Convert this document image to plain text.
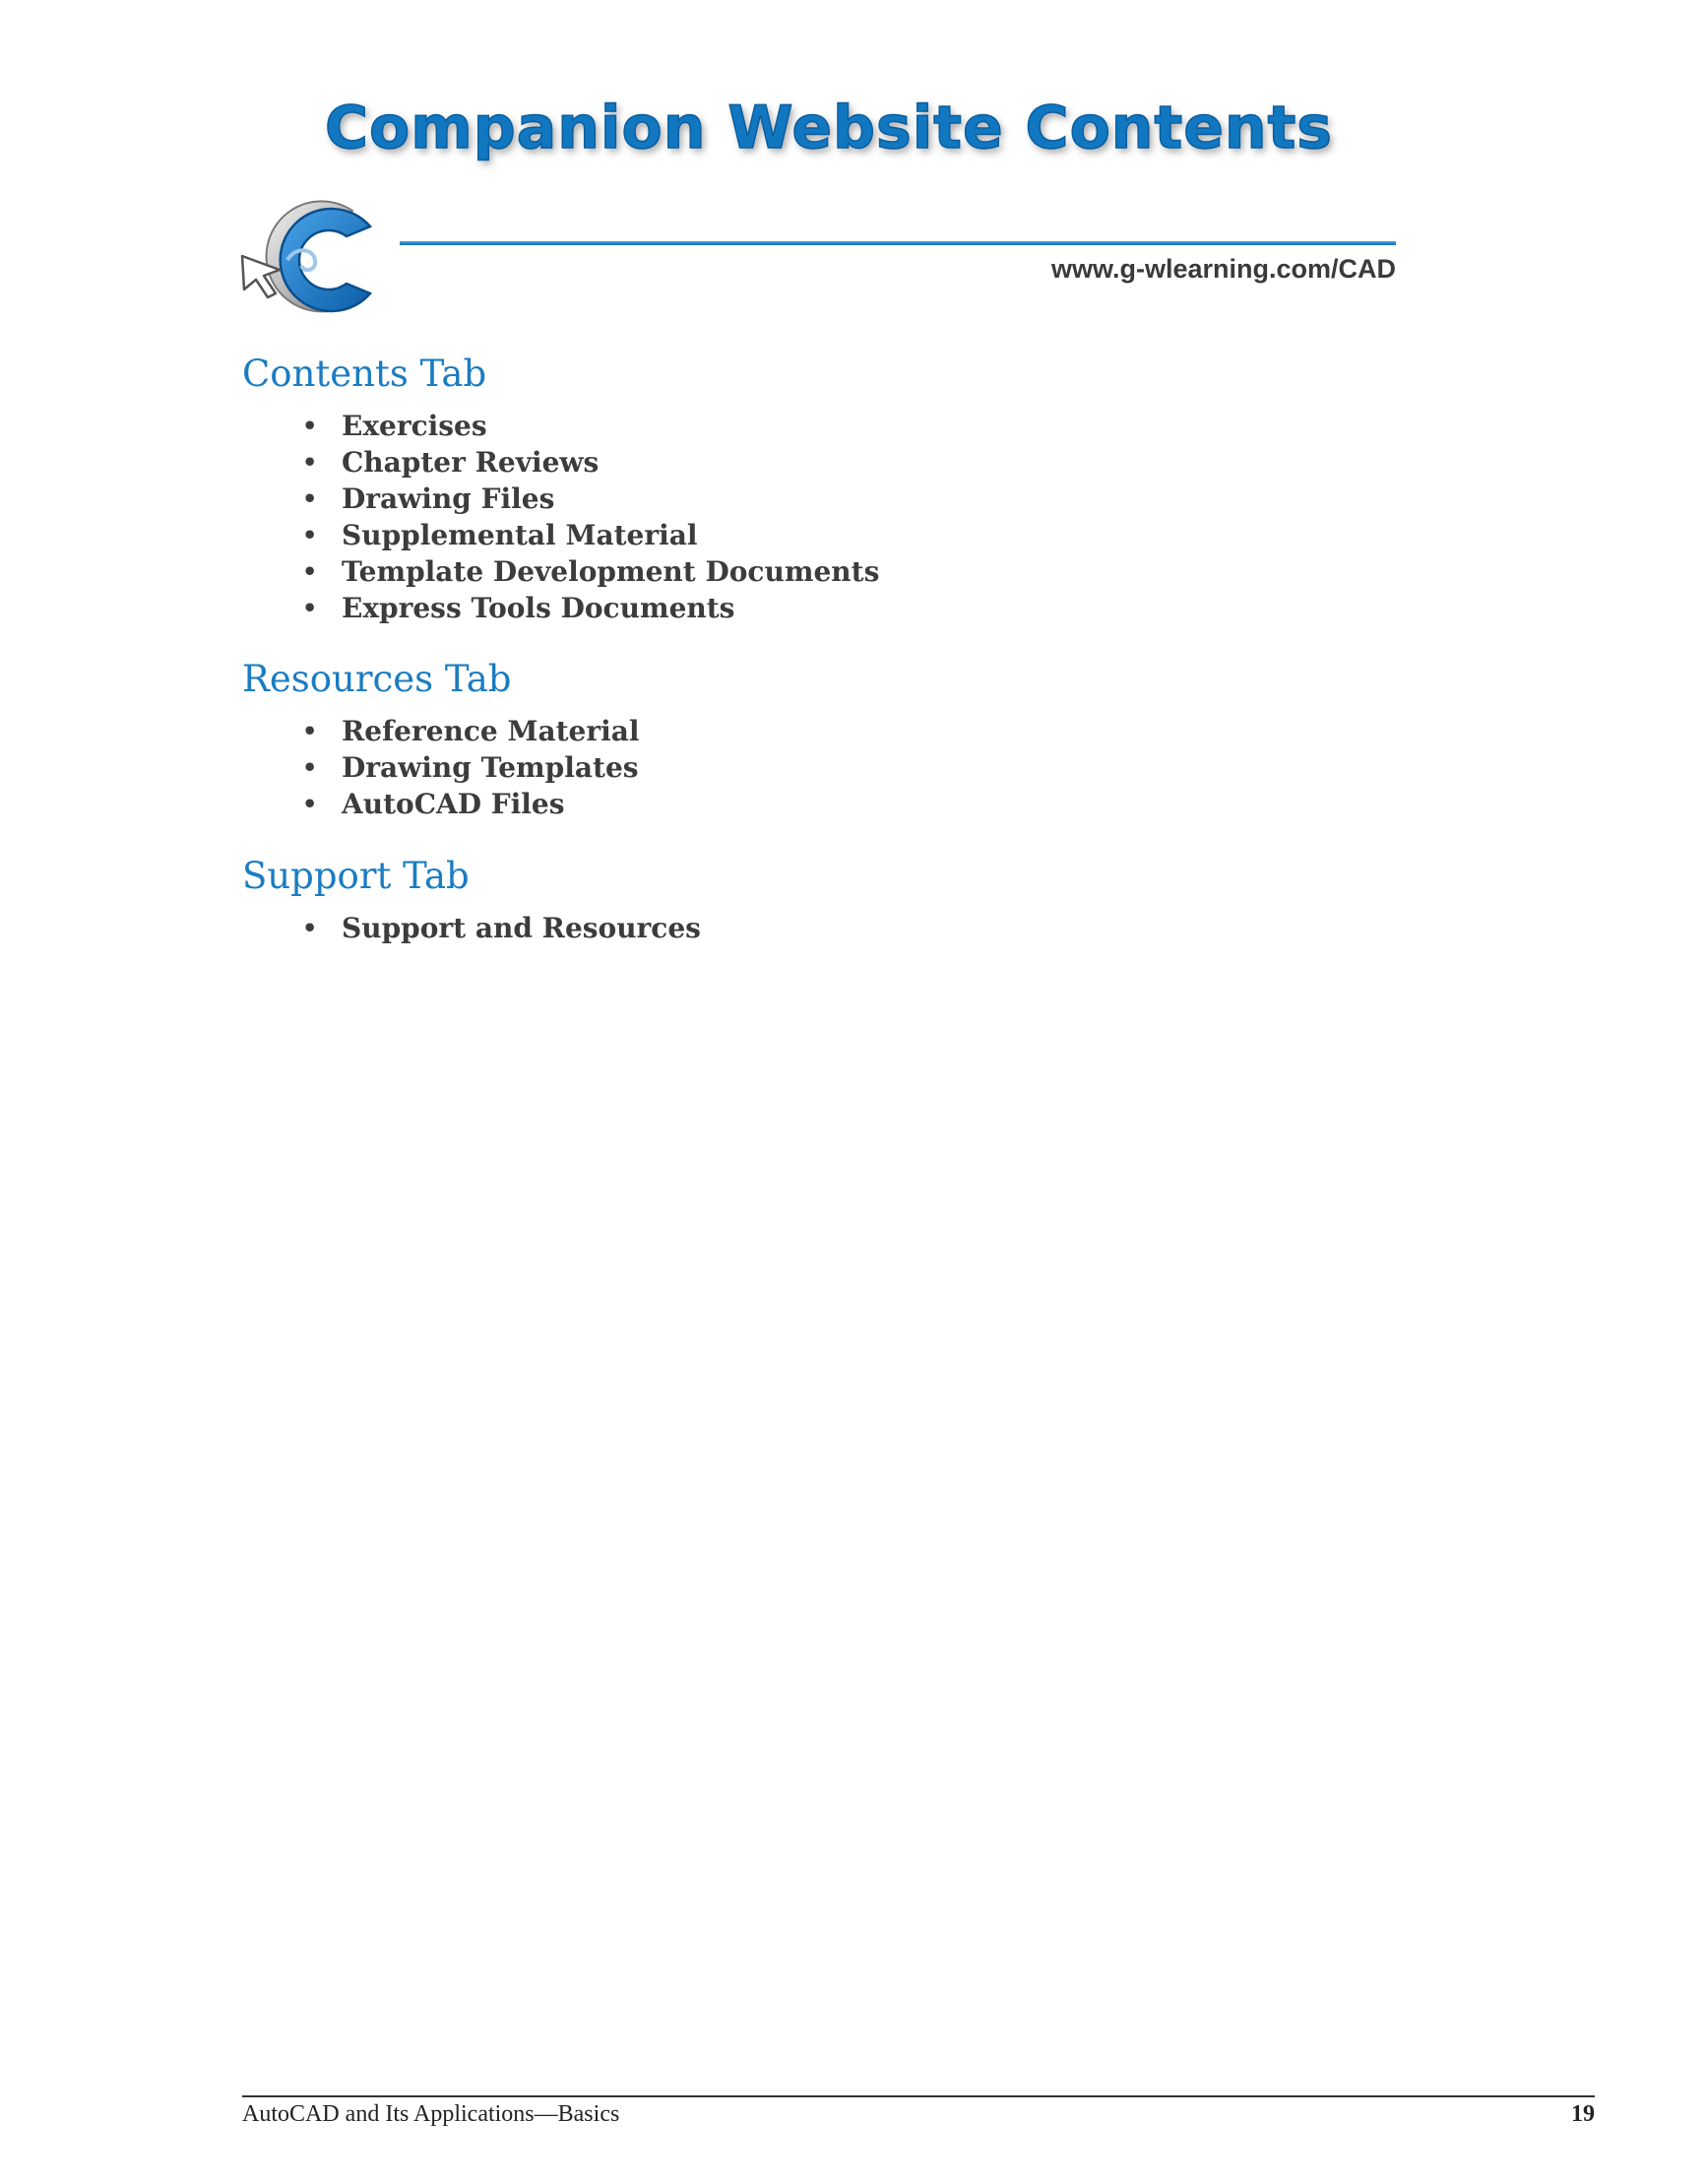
Companion Website Contents
www.g-wlearning.com/CAD
Contents Tab
• Exercises
• Chapter Reviews
• Drawing Files
• Supplemental Material
• Template Development Documents
• Express Tools Documents
Resources Tab
• Reference Material
• Drawing Templates
• AutoCAD Files
Support Tab
• Support and Resources
AutoCAD and Its Applications—Basics	19
